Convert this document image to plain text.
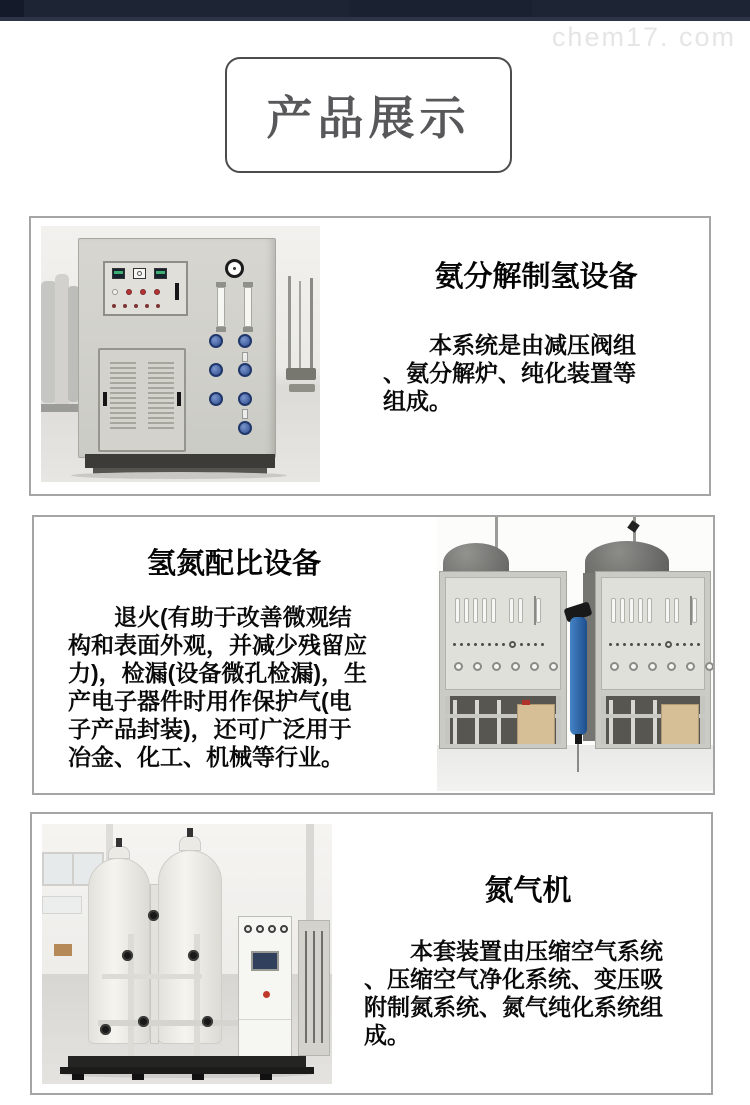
chem17. com
产品展示
氨分解制氢设备
本系统是由减压阀组
、氨分解炉、纯化装置等
组成。
氢氮配比设备
退火(有助于改善微观结
构和表面外观，并减少残留应
力)，检漏(设备微孔检漏)，生
产电子器件时用作保护气(电
子产品封装)，还可广泛用于
冶金、化工、机械等行业。
氮气机
本套装置由压缩空气系统
、压缩空气净化系统、变压吸
附制氮系统、氮气纯化系统组
成。
